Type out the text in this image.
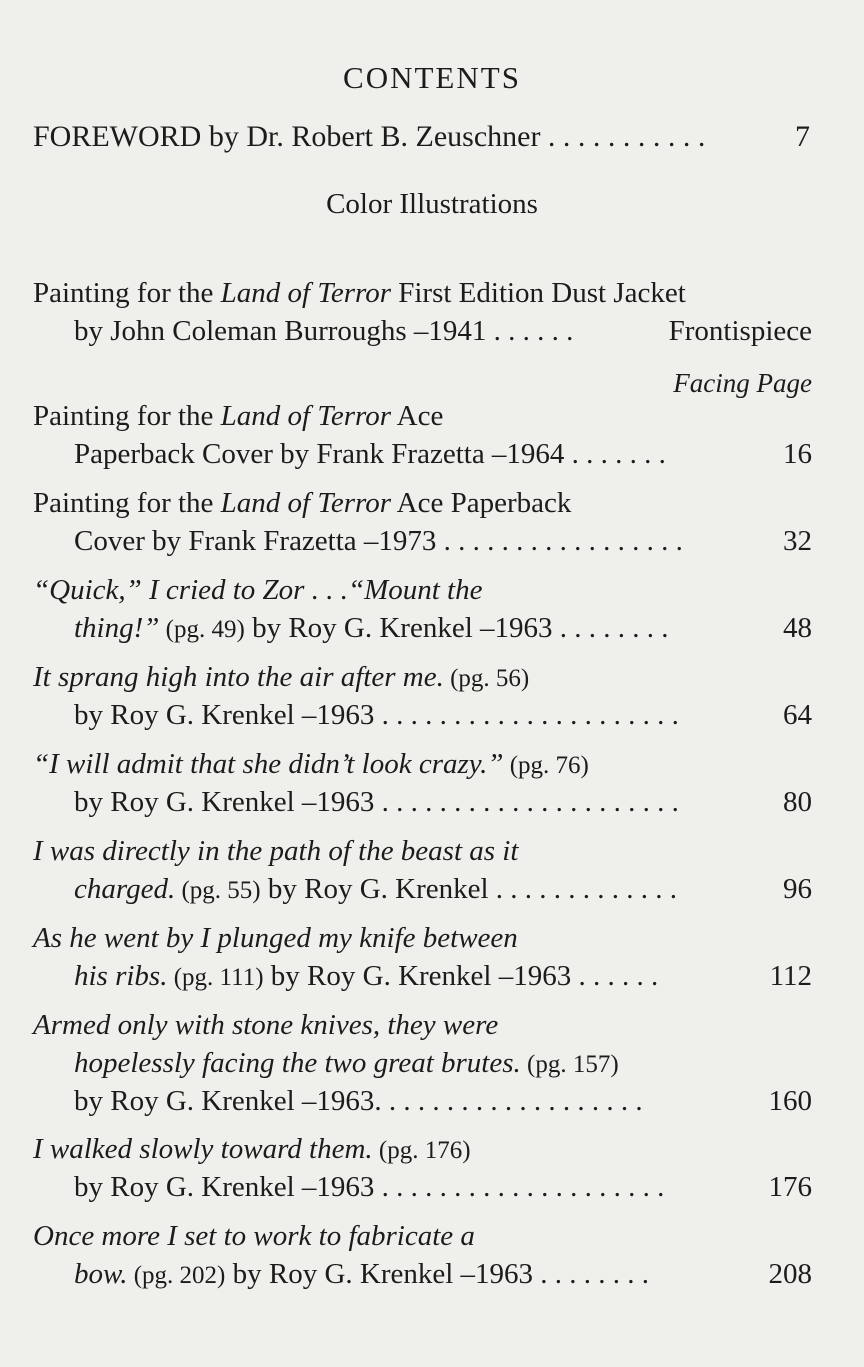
CONTENTS
FOREWORD by Dr. Robert B. Zeuschner . . . . . . . . . . .	7
Color Illustrations
Painting for the Land of Terror First Edition Dust Jacket
by John Coleman Burroughs –1941 . . . . . .	Frontispiece
Facing Page
Painting for the Land of Terror Ace
Paperback Cover by Frank Frazetta –1964 . . . . . . .	16
Painting for the Land of Terror Ace Paperback
Cover by Frank Frazetta –1973 . . . . . . . . . . . . . . . . .	32
“Quick,” I cried to Zor . . .“Mount the
thing!” (pg. 49) by Roy G. Krenkel –1963 . . . . . . . .	48
It sprang high into the air after me. (pg. 56)
by Roy G. Krenkel –1963 . . . . . . . . . . . . . . . . . . . . .	64
“I will admit that she didn’t look crazy.” (pg. 76)
by Roy G. Krenkel –1963 . . . . . . . . . . . . . . . . . . . . .	80
I was directly in the path of the beast as it
charged. (pg. 55) by Roy G. Krenkel . . . . . . . . . . . . .	96
As he went by I plunged my knife between
his ribs. (pg. 111) by Roy G. Krenkel –1963 . . . . . .	112
Armed only with stone knives, they were
hopelessly facing the two great brutes. (pg. 157)
by Roy G. Krenkel –1963. . . . . . . . . . . . . . . . . . .	160
I walked slowly toward them. (pg. 176)
by Roy G. Krenkel –1963 . . . . . . . . . . . . . . . . . . . .	176
Once more I set to work to fabricate a
bow. (pg. 202) by Roy G. Krenkel –1963 . . . . . . . .	208
